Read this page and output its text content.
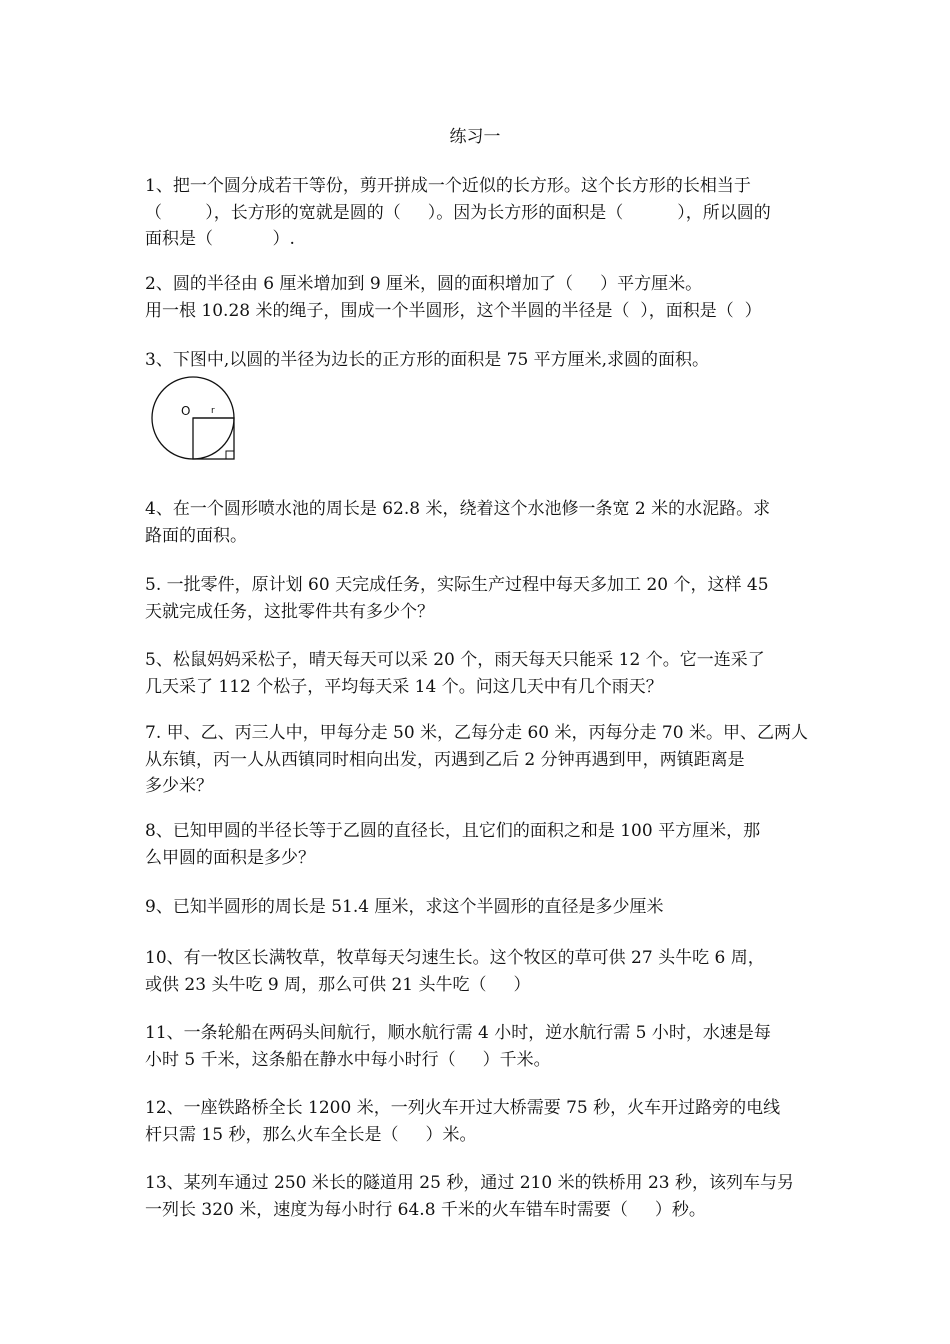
练习一
1、把一个圆分成若干等份，剪开拼成一个近似的长方形。这个长方形的长相当于
（        ），长方形的宽就是圆的（     ）。因为长方形的面积是（          ），所以圆的
面积是（           ）.
2、圆的半径由 6 厘米增加到 9 厘米，圆的面积增加了（     ）平方厘米。
用一根 10.28 米的绳子，围成一个半圆形，这个半圆的半径是（  ），面积是（  ）
3、下图中,以圆的半径为边长的正方形的面积是 75 平方厘米,求圆的面积。
O r
4、在一个圆形喷水池的周长是 62.8 米，绕着这个水池修一条宽 2 米的水泥路。求
路面的面积。
5. 一批零件，原计划 60 天完成任务，实际生产过程中每天多加工 20 个，这样 45
天就完成任务，这批零件共有多少个？
5、松鼠妈妈采松子，晴天每天可以采 20 个，雨天每天只能采 12 个。它一连采了
几天采了 112 个松子，平均每天采 14 个。问这几天中有几个雨天？
7. 甲、乙、丙三人中，甲每分走 50 米，乙每分走 60 米，丙每分走 70 米。甲、乙两人
从东镇，丙一人从西镇同时相向出发，丙遇到乙后 2 分钟再遇到甲，两镇距离是
多少米？
8、已知甲圆的半径长等于乙圆的直径长，且它们的面积之和是 100 平方厘米，那
么甲圆的面积是多少？
9、已知半圆形的周长是 51.4 厘米，求这个半圆形的直径是多少厘米
10、有一牧区长满牧草，牧草每天匀速生长。这个牧区的草可供 27 头牛吃 6 周，
或供 23 头牛吃 9 周，那么可供 21 头牛吃（     ）
11、一条轮船在两码头间航行，顺水航行需 4 小时，逆水航行需 5 小时，水速是每
小时 5 千米，这条船在静水中每小时行（     ）千米。
12、一座铁路桥全长 1200 米，一列火车开过大桥需要 75 秒，火车开过路旁的电线
杆只需 15 秒，那么火车全长是（     ）米。
13、某列车通过 250 米长的隧道用 25 秒，通过 210 米的铁桥用 23 秒，该列车与另
一列长 320 米，速度为每小时行 64.8 千米的火车错车时需要（     ）秒。
